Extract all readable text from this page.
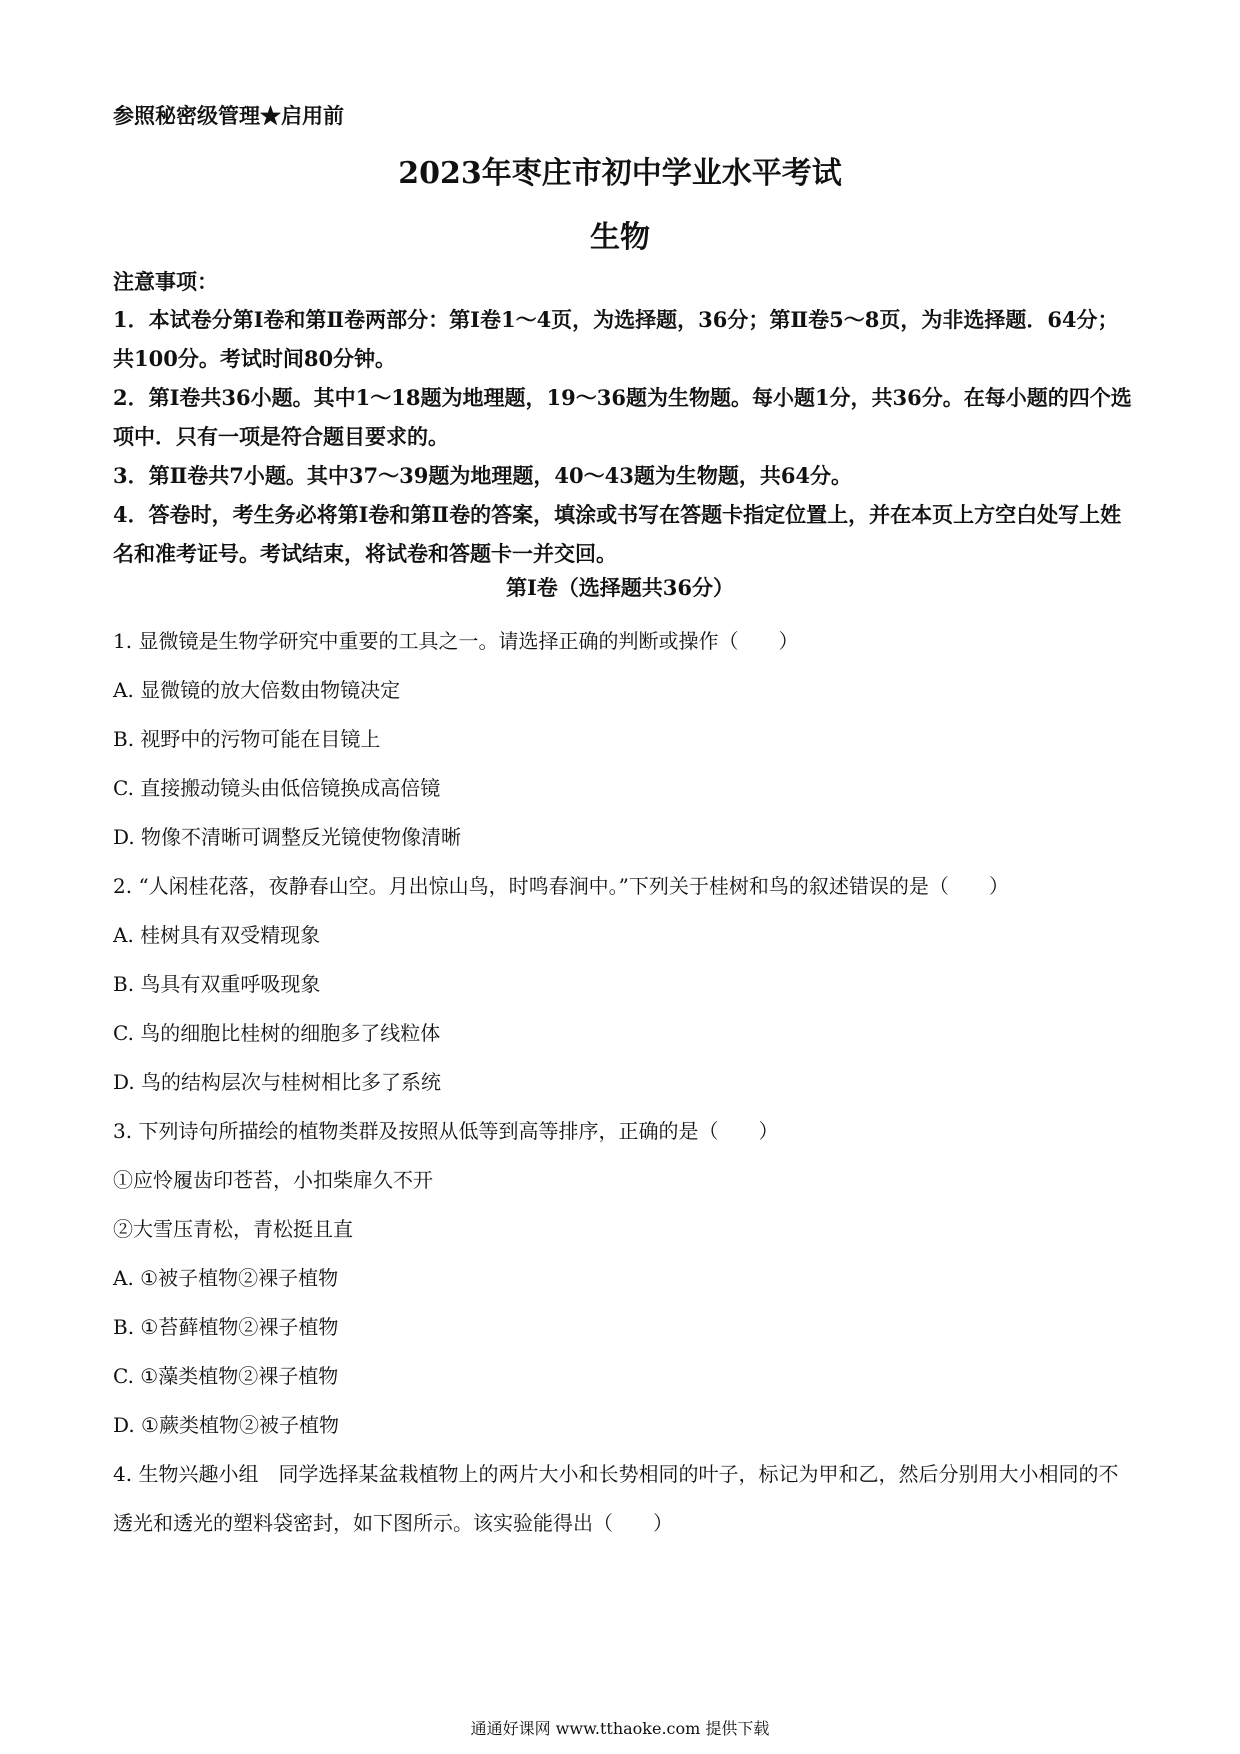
参照秘密级管理★启用前
2023年枣庄市初中学业水平考试
生物

注意事项：

1．本试卷分第Ⅰ卷和第Ⅱ卷两部分：第Ⅰ卷1～4页，为选择题，36分；第Ⅱ卷5～8页，为非选择题．64分；共100分。考试时间80分钟。

2．第Ⅰ卷共36小题。其中1～18题为地理题，19～36题为生物题。每小题1分，共36分。在每小题的四个选项中．只有一项是符合题目要求的。

3．第Ⅱ卷共7小题。其中37～39题为地理题，40～43题为生物题，共64分。

4．答卷时，考生务必将第Ⅰ卷和第Ⅱ卷的答案，填涂或书写在答题卡指定位置上，并在本页上方空白处写上姓名和准考证号。考试结束，将试卷和答题卡一并交回。

第Ⅰ卷（选择题共36分）

1. 显微镜是生物学研究中重要的工具之一。请选择正确的判断或操作（　　）

A. 显微镜的放大倍数由物镜决定

B. 视野中的污物可能在目镜上

C. 直接搬动镜头由低倍镜换成高倍镜

D. 物像不清晰可调整反光镜使物像清晰

2. “人闲桂花落，夜静春山空。月出惊山鸟，时鸣春涧中。”下列关于桂树和鸟的叙述错误的是（　　）

A. 桂树具有双受精现象

B. 鸟具有双重呼吸现象

C. 鸟的细胞比桂树的细胞多了线粒体

D. 鸟的结构层次与桂树相比多了系统

3. 下列诗句所描绘的植物类群及按照从低等到高等排序，正确的是（　　）

①应怜履齿印苍苔，小扣柴扉久不开

②大雪压青松，青松挺且直

A. ①被子植物②裸子植物

B. ①苔藓植物②裸子植物

C. ①藻类植物②裸子植物

D. ①蕨类植物②被子植物

4. 生物兴趣小组　同学选择某盆栽植物上的两片大小和长势相同的叶子，标记为甲和乙，然后分别用大小相同的不透光和透光的塑料袋密封，如下图所示。该实验能得出（　　）

通通好课网 www.tthaoke.com 提供下载
